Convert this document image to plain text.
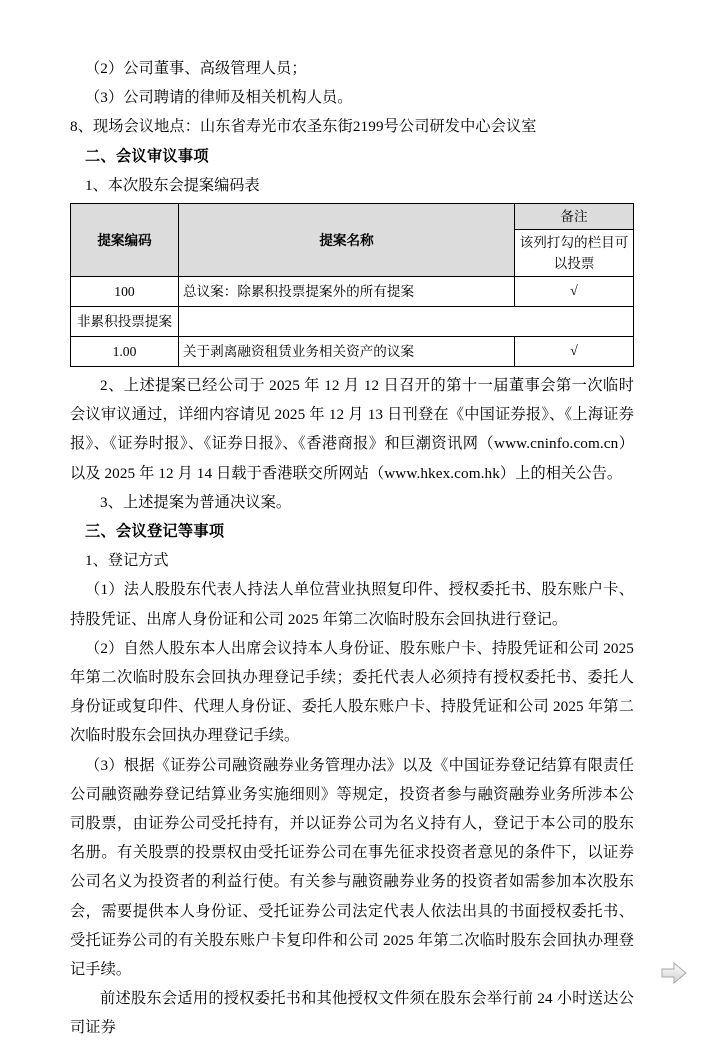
（2）公司董事、高级管理人员；

（3）公司聘请的律师及相关机构人员。

8、现场会议地点：山东省寿光市农圣东街2199号公司研发中心会议室

二、会议审议事项

1、本次股东会提案编码表

提案编码	提案名称	备注
		该列打勾的栏目可以投票
100	总议案：除累积投票提案外的所有提案	√
非累积投票提案		
1.00	关于剥离融资租赁业务相关资产的议案	√

2、上述提案已经公司于 2025 年 12 月 12 日召开的第十一届董事会第一次临时会议审议通过，详细内容请见 2025 年 12 月 13 日刊登在《中国证券报》、《上海证券报》、《证券时报》、《证券日报》、《香港商报》和巨潮资讯网（www.cninfo.com.cn）以及 2025 年 12 月 14 日载于香港联交所网站（www.hkex.com.hk）上的相关公告。

3、上述提案为普通决议案。

三、会议登记等事项

1、登记方式

（1）法人股股东代表人持法人单位营业执照复印件、授权委托书、股东账户卡、持股凭证、出席人身份证和公司 2025 年第二次临时股东会回执进行登记。

（2）自然人股东本人出席会议持本人身份证、股东账户卡、持股凭证和公司 2025 年第二次临时股东会回执办理登记手续；委托代表人必须持有授权委托书、委托人身份证或复印件、代理人身份证、委托人股东账户卡、持股凭证和公司 2025 年第二次临时股东会回执办理登记手续。

（3）根据《证券公司融资融券业务管理办法》以及《中国证券登记结算有限责任公司融资融券登记结算业务实施细则》等规定，投资者参与融资融券业务所涉本公司股票，由证券公司受托持有，并以证券公司为名义持有人，登记于本公司的股东名册。有关股票的投票权由受托证券公司在事先征求投资者意见的条件下，以证券公司名义为投资者的利益行使。有关参与融资融券业务的投资者如需参加本次股东会，需要提供本人身份证、受托证券公司法定代表人依法出具的书面授权委托书、受托证券公司的有关股东账户卡复印件和公司 2025 年第二次临时股东会回执办理登记手续。

前述股东会适用的授权委托书和其他授权文件须在股东会举行前 24 小时送达公司证券
